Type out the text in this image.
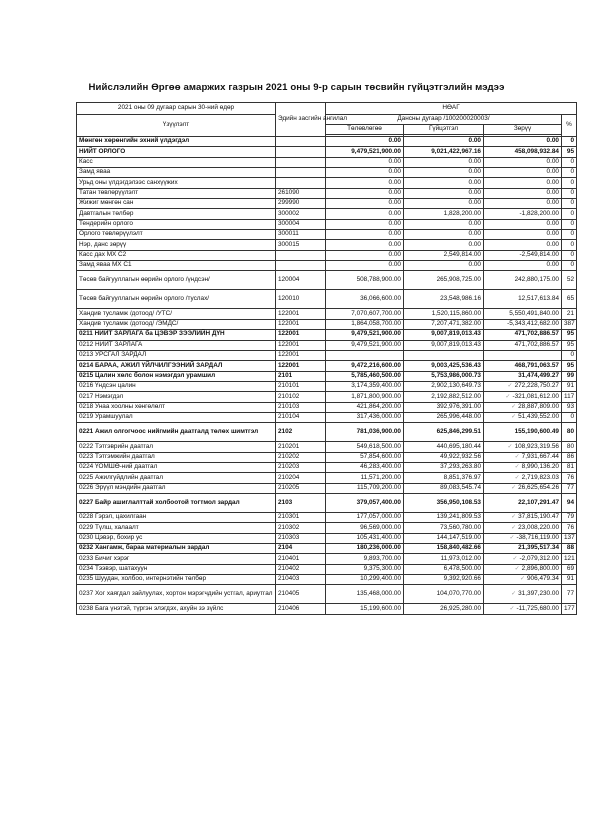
Нийслэлийн Өргөө амаржих газрын 2021 оны 9-р сарын төсвийн гүйцэтгэлийн мэдээ
2021 оны 09 дугаар сарын 30-ний өдөр	Эдийн засгийн ангилал	НӨАГ			
Үзүүлэлт		Дансны дугаар /100200020003/			%
		Төлөвлөгөө	Гүйцэтгэл	Зөрүү	

Мөнгөн хөрөнгийн эхний үлдэгдэл		0.00	0.00	0.00	0
НИЙТ ОРЛОГО		9,479,521,900.00	9,021,422,967.16	458,098,932.84	95
Касс		0.00	0.00	0.00	0
Замд яваа		0.00	0.00	0.00	0
Урьд оны үлдэгдэлээс санхүүжих		0.00	0.00	0.00	0
Татан төвлөрүүлэлт	261090	0.00	0.00	0.00	0
Жижиг мөнгөн сан	299990	0.00	0.00	0.00	0
Давтгалын төлбөр	300002	0.00	1,828,200.00	-1,828,200.00	0
Тендерийн орлого	300004	0.00	0.00	0.00	0
Орлого төвлөрүүлэлт	300011	0.00	0.00	0.00	0
Нэр, данс зөрүү	300015	0.00	0.00	0.00	0
Касс дах МХ С2		0.00	2,549,814.00	-2,549,814.00	0
Замд яваа МХ С1		0.00	0.00	0.00	0
Төсөв байгууллагын өөрийн орлого /үндсэн/	120004	508,788,900.00	265,908,725.00	242,880,175.00	52
Төсөв байгууллагын өөрийн орлого /туслах/	120010	36,066,600.00	23,548,986.16	12,517,613.84	65
Хандив тусламж /дотоод/ /УТС/	122001	7,070,607,700.00	1,520,115,860.00	5,550,491,840.00	21
Хандив тусламж /дотоод/ /ЭМДС/	122001	1,864,058,700.00	7,207,471,382.00	-5,343,412,682.00	387
0211 НИЙТ ЗАРЛАГА ба ЦЭВЭР ЗЭЭЛИЙН ДҮН	122001	9,479,521,900.00	9,007,819,013.43	471,702,886.57	95
0212 НИЙТ ЗАРЛАГА	122001	9,479,521,900.00	9,007,819,013.43	471,702,886.57	95
0213 УРСГАЛ ЗАРДАЛ	122001				0
0214 БАРАА, АЖИЛ ҮЙЛЧИЛГЭЭНИЙ ЗАРДАЛ	122001	9,472,216,600.00	9,003,425,536.43	468,791,063.57	95
0215 Цалин хөлс болон нэмэгдэл урамшил	2101	5,785,460,500.00	5,753,986,000.73	31,474,499.27	99
0216 Үндсэн цалин	210101	3,174,359,400.00	2,902,130,649.73	✓ 272,228,750.27	91
0217 Нэмэгдэл	210102	1,871,800,900.00	2,192,882,512.00	✓ -321,081,612.00	117
0218 Унаа хоолны хөнгөлөлт	210103	421,864,200.00	392,976,391.00	✓ 28,887,809.00	93
0219 Урамшуулал	210104	317,436,000.00	265,996,448.00	✓ 51,439,552.00	0
0221 Ажил олгогчоос нийгмийн даатгалд төлөх шимтгэл	2102	781,036,900.00	625,846,299.51	155,190,600.49	80
0222 Тэтгэврийн даатгал	210201	549,618,500.00	440,695,180.44	✓ 108,923,319.56	80
0223 Тэтгэмжийн даатгал	210202	57,854,600.00	49,922,932.56	✓ 7,931,667.44	86
0224 ҮОМШӨ-ний даатгал	210203	46,283,400.00	37,293,263.80	✓ 8,990,136.20	81
0225 Ажилгүйдлийн даатгал	210204	11,571,200.00	8,851,376.97	✓ 2,719,823.03	76
0226 Эрүүл мэндийн даатгал	210205	115,709,200.00	89,083,545.74	✓ 26,625,654.26	77
0227 Байр ашиглалттай холбоотой тогтмол зардал	2103	379,057,400.00	356,950,108.53	22,107,291.47	94
0228 Гэрэл, цахилгаан	210301	177,057,000.00	139,241,809.53	✓ 37,815,190.47	79
0229 Түлш, халаалт	210302	96,569,000.00	73,560,780.00	✓ 23,008,220.00	76
0230 Цэвэр, бохир ус	210303	105,431,400.00	144,147,519.00	✓ -38,716,119.00	137
0232 Хангамж, бараа материалын зардал	2104	180,236,000.00	158,840,482.66	21,395,517.34	88
0233 Бичиг хэрэг	210401	9,893,700.00	11,973,012.00	✓ -2,079,312.00	121
0234 Тээвэр, шатахуун	210402	9,375,300.00	6,478,500.00	✓ 2,896,800.00	69
0235 Шуудан, холбоо, интернэтийн төлбөр	210403	10,299,400.00	9,392,920.66	✓ 906,479.34	91
0237 Хог хаягдал зайлуулах, хортон мэрэгчдийн устгал, ариутгал	210405	135,468,000.00	104,070,770.00	✓ 31,397,230.00	77
0238 Бага үнэтэй, түргэн элэгдэх, ахуйн зэ зүйлс	210406	15,199,600.00	26,925,280.00	✓ -11,725,680.00	177
